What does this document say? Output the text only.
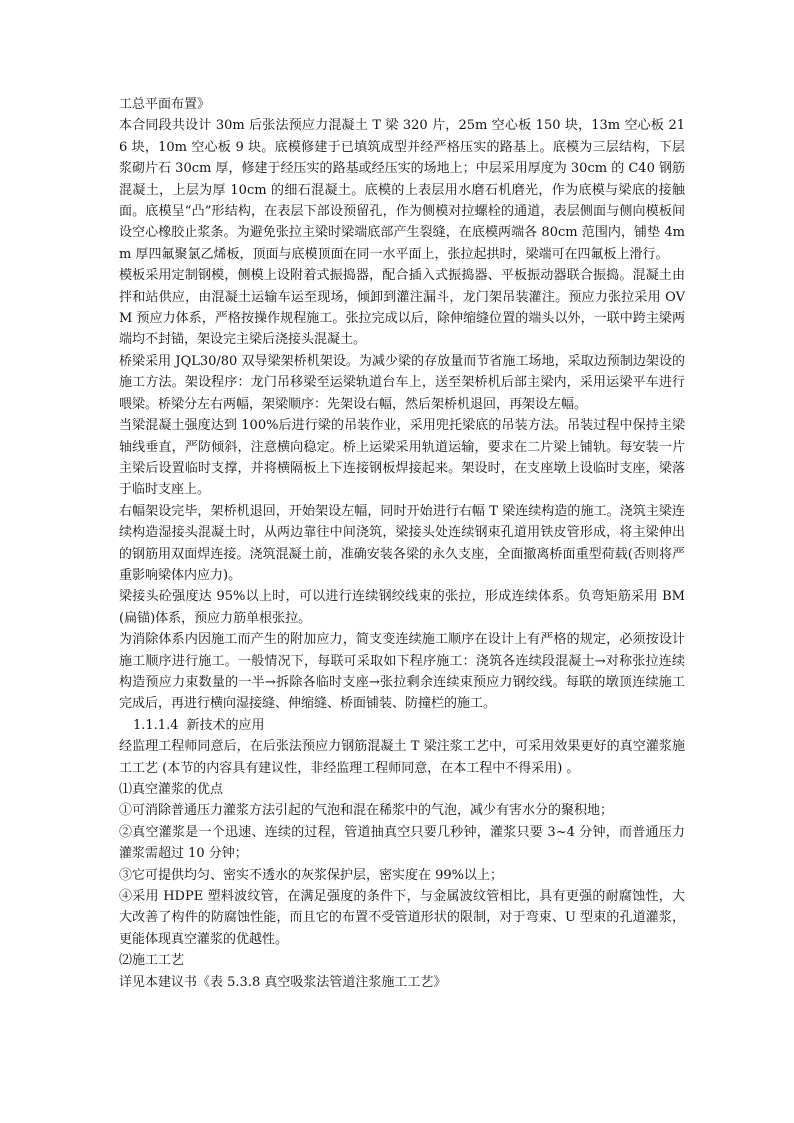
工总平面布置》

本合同段共设计 30m 后张法预应力混凝土 T 梁 320 片，25m 空心板 150 块，13m 空心板 216 块，10m 空心板 9 块。底模修建于已填筑成型并经严格压实的路基上。底模为三层结构，下层浆砌片石 30cm 厚，修建于经压实的路基或经压实的场地上；中层采用厚度为 30cm 的 C40 钢筋混凝土，上层为厚 10cm 的细石混凝土。底模的上表层用水磨石机磨光，作为底模与梁底的接触面。底模呈“凸”形结构，在表层下部设预留孔，作为侧模对拉螺栓的通道，表层侧面与侧向模板间设空心橡胶止浆条。为避免张拉主梁时梁端底部产生裂缝，在底模两端各 80cm 范围内，铺垫 4mm 厚四氟聚氯乙烯板，顶面与底模顶面在同一水平面上，张拉起拱时，梁端可在四氟板上滑行。

模板采用定制钢模，侧模上设附着式振捣器，配合插入式振捣器、平板振动器联合振捣。混凝土由拌和站供应，由混凝土运输车运至现场，倾卸到灌注漏斗，龙门架吊装灌注。预应力张拉采用 OVM 预应力体系，严格按操作规程施工。张拉完成以后，除伸缩缝位置的端头以外，一联中跨主梁两端均不封锚，架设完主梁后浇接头混凝土。

桥梁采用 JQL30/80 双导梁架桥机架设。为减少梁的存放量而节省施工场地，采取边预制边架设的施工方法。架设程序：龙门吊移梁至运梁轨道台车上，送至架桥机后部主梁内，采用运梁平车进行喂梁。桥梁分左右两幅，架梁顺序：先架设右幅，然后架桥机退回，再架设左幅。

当梁混凝土强度达到 100%后进行梁的吊装作业，采用兜托梁底的吊装方法。吊装过程中保持主梁轴线垂直，严防倾斜，注意横向稳定。桥上运梁采用轨道运输，要求在二片梁上铺轨。每安装一片主梁后设置临时支撑，并将横隔板上下连接钢板焊接起来。架设时，在支座墩上设临时支座，梁落于临时支座上。

右幅架设完毕，架桥机退回，开始架设左幅，同时开始进行右幅 T 梁连续构造的施工。浇筑主梁连续构造湿接头混凝土时，从两边靠往中间浇筑，梁接头处连续钢束孔道用铁皮管形成，将主梁伸出的钢筋用双面焊连接。浇筑混凝土前，准确安装各梁的永久支座，全面撤离桥面重型荷载(否则将严重影响梁体内应力)。

梁接头砼强度达 95%以上时，可以进行连续钢绞线束的张拉，形成连续体系。负弯矩筋采用 BM(扁锚)体系，预应力筋单根张拉。

为消除体系内因施工而产生的附加应力，简支变连续施工顺序在设计上有严格的规定，必须按设计施工顺序进行施工。一般情况下，每联可采取如下程序施工：浇筑各连续段混凝土→对称张拉连续构造预应力束数量的一半→拆除各临时支座→张拉剩余连续束预应力钢绞线。每联的墩顶连续施工完成后，再进行横向湿接缝、伸缩缝、桥面铺装、防撞栏的施工。

1.1.1.4 新技术的应用

经监理工程师同意后，在后张法预应力钢筋混凝土 T 梁注浆工艺中，可采用效果更好的真空灌浆施工工艺 (本节的内容具有建议性，非经监理工程师同意，在本工程中不得采用) 。

⑴真空灌浆的优点

①可消除普通压力灌浆方法引起的气泡和混在稀浆中的气泡，减少有害水分的聚积地；

②真空灌浆是一个迅速、连续的过程，管道抽真空只要几秒钟，灌浆只要 3~4 分钟，而普通压力灌浆需超过 10 分钟；

③它可提供均匀、密实不透水的灰浆保护层，密实度在 99%以上；

④采用 HDPE 塑料波纹管，在满足强度的条件下，与金属波纹管相比，具有更强的耐腐蚀性，大大改善了构件的防腐蚀性能，而且它的布置不受管道形状的限制，对于弯束、U 型束的孔道灌浆，更能体现真空灌浆的优越性。

⑵施工工艺

详见本建议书《表 5.3.8 真空吸浆法管道注浆施工工艺》
